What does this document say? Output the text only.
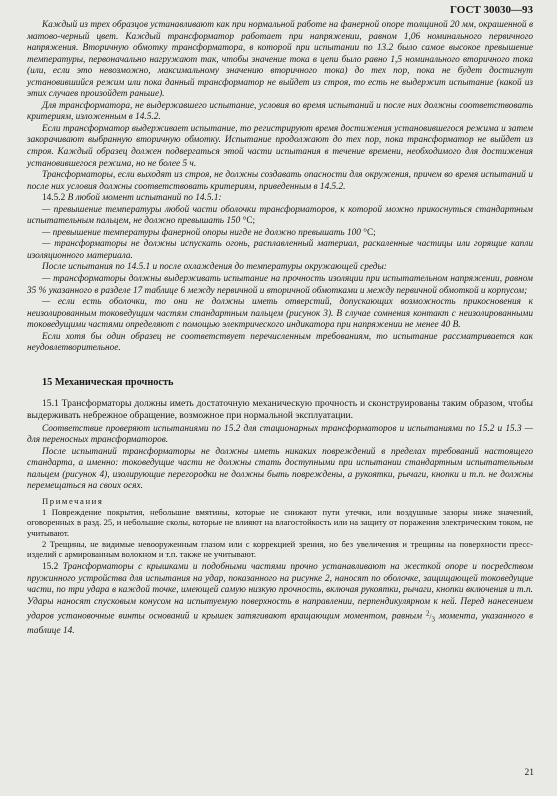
ГОСТ 30030—93

Каждый из трех образцов устанавливают как при нормальной работе на фанерной опоре толщиной 20 мм, окрашенной в матово-черный цвет. Каждый трансформатор работает при напряжении, равном 1,06 номинального первичного напряжения. Вторичную обмотку трансформатора, в которой при испытании по 13.2 было самое высокое превышение температуры, первоначально нагружают так, чтобы значение тока в цепи было равно 1,5 номинального вторичного тока (или, если это невозможно, максимальному значению вторичного тока) до тех пор, пока не будет достигнут установившийся режим или пока данный трансформатор не выйдет из строя, то есть не выдержит испытание (какой из этих случаев произойдет раньше).

Для трансформатора, не выдержавшего испытание, условия во время испытаний и после них должны соответствовать критериям, изложенным в 14.5.2.

Если трансформатор выдерживает испытание, то регистрируют время достижения установившегося режима и затем закорачивают выбранную вторичную обмотку. Испытание продолжают до тех пор, пока трансформатор не выйдет из строя. Каждый образец должен подвергаться этой части испытания в течение времени, необходимого для достижения установившегося режима, но не более 5 ч.

Трансформаторы, если выходят из строя, не должны создавать опасности для окружения, причем во время испытаний и после них условия должны соответствовать критериям, приведенным в 14.5.2.

14.5.2 В любой момент испытаний по 14.5.1:

— превышение температуры любой части оболочки трансформаторов, к которой можно прикоснуться стандартным испытательным пальцем, не должно превышать 150 °C;

— превышение температуры фанерной опоры нигде не должно превышать 100 °C;

— трансформаторы не должны испускать огонь, расплавленный материал, раскаленные частицы или горящие капли изоляционного материала.

После испытания по 14.5.1 и после охлаждения до температуры окружающей среды:

— трансформаторы должны выдерживать испытание на прочность изоляции при испытательном напряжении, равном 35 % указанного в разделе 17 таблице 6 между первичной и вторичной обмотками и между первичной обмоткой и корпусом;

— если есть оболочки, то они не должны иметь отверстий, допускающих возможность прикосновения к неизолированным токоведущим частям стандартным пальцем (рисунок 3). В случае сомнения контакт с неизолированными токоведущими частями определяют с помощью электрического индикатора при напряжении не менее 40 В.

Если хотя бы один образец не соответствует перечисленным требованиям, то испытание рассматривается как неудовлетворительное.

15 Механическая прочность

15.1 Трансформаторы должны иметь достаточную механическую прочность и сконструированы таким образом, чтобы выдерживать небрежное обращение, возможное при нормальной эксплуатации.

Соответствие проверяют испытаниями по 15.2 для стационарных трансформаторов и испытаниями по 15.2 и 15.3 — для переносных трансформаторов.

После испытаний трансформаторы не должны иметь никаких повреждений в пределах требований настоящего стандарта, а именно: токоведущие части не должны стать доступными при испытании стандартным испытательным пальцем (рисунок 4), изолирующие перегородки не должны быть повреждены, а рукоятки, рычаги, кнопки и т.п. не должны перемещаться на своих осях.

Примечания

1 Повреждение покрытия, небольшие вмятины, которые не снижают пути утечки, или воздушные зазоры ниже значений, оговоренных в разд. 25, и небольшие сколы, которые не влияют на влагостойкость или на защиту от поражения электрическим током, не учитывают.

2 Трещины, не видимые невооруженным глазом или с коррекцией зрения, но без увеличения и трещины на поверхности пресс-изделий с армированным волокном и т.п. также не учитывают.

15.2 Трансформаторы с крышками и подобными частями прочно устанавливают на жесткой опоре и посредством пружинного устройства для испытания на удар, показанного на рисунке 2, наносят по оболочке, защищающей токоведущие части, по три удара в каждой точке, имеющей самую низкую прочность, включая рукоятки, рычаги, кнопки включения и т.п. Удары наносят спусковым конусом на испытуемую поверхность в направлении, перпендикулярном к ней. Перед нанесением ударов установочные винты оснований и крышек затягивают вращающим моментом, равным $^2/_3$ момента, указанного в таблице 14.

21
